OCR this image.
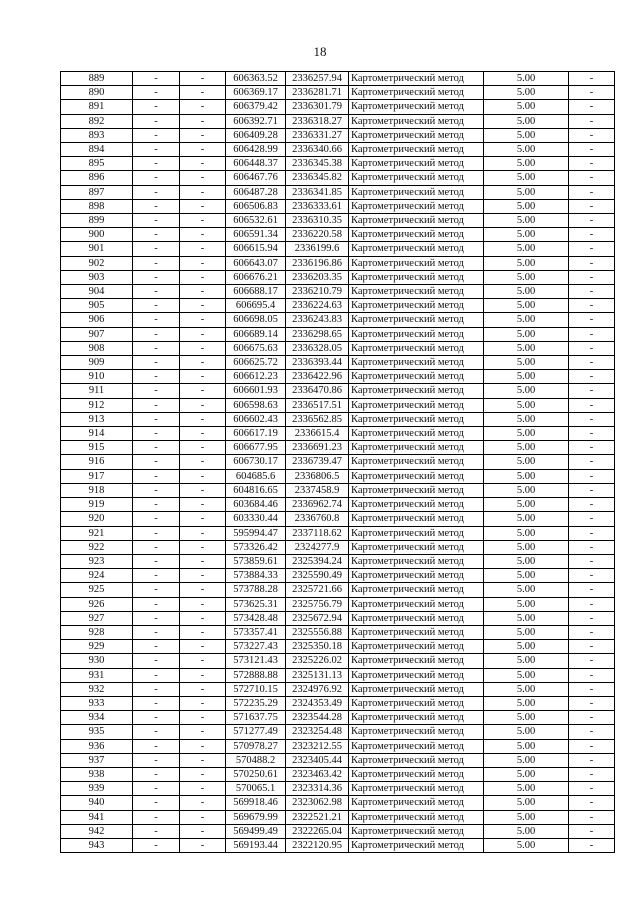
18
889	-	-	606363.52	2336257.94	Картометрический метод	5.00	-
890	-	-	606369.17	2336281.71	Картометрический метод	5.00	-
891	-	-	606379.42	2336301.79	Картометрический метод	5.00	-
892	-	-	606392.71	2336318.27	Картометрический метод	5.00	-
893	-	-	606409.28	2336331.27	Картометрический метод	5.00	-
894	-	-	606428.99	2336340.66	Картометрический метод	5.00	-
895	-	-	606448.37	2336345.38	Картометрический метод	5.00	-
896	-	-	606467.76	2336345.82	Картометрический метод	5.00	-
897	-	-	606487.28	2336341.85	Картометрический метод	5.00	-
898	-	-	606506.83	2336333.61	Картометрический метод	5.00	-
899	-	-	606532.61	2336310.35	Картометрический метод	5.00	-
900	-	-	606591.34	2336220.58	Картометрический метод	5.00	-
901	-	-	606615.94	2336199.6	Картометрический метод	5.00	-
902	-	-	606643.07	2336196.86	Картометрический метод	5.00	-
903	-	-	606676.21	2336203.35	Картометрический метод	5.00	-
904	-	-	606688.17	2336210.79	Картометрический метод	5.00	-
905	-	-	606695.4	2336224.63	Картометрический метод	5.00	-
906	-	-	606698.05	2336243.83	Картометрический метод	5.00	-
907	-	-	606689.14	2336298.65	Картометрический метод	5.00	-
908	-	-	606675.63	2336328.05	Картометрический метод	5.00	-
909	-	-	606625.72	2336393.44	Картометрический метод	5.00	-
910	-	-	606612.23	2336422.96	Картометрический метод	5.00	-
911	-	-	606601.93	2336470.86	Картометрический метод	5.00	-
912	-	-	606598.63	2336517.51	Картометрический метод	5.00	-
913	-	-	606602.43	2336562.85	Картометрический метод	5.00	-
914	-	-	606617.19	2336615.4	Картометрический метод	5.00	-
915	-	-	606677.95	2336691.23	Картометрический метод	5.00	-
916	-	-	606730.17	2336739.47	Картометрический метод	5.00	-
917	-	-	604685.6	2336806.5	Картометрический метод	5.00	-
918	-	-	604816.65	2337458.9	Картометрический метод	5.00	-
919	-	-	603684.46	2336962.74	Картометрический метод	5.00	-
920	-	-	603330.44	2336760.8	Картометрический метод	5.00	-
921	-	-	595994.47	2337118.62	Картометрический метод	5.00	-
922	-	-	573326.42	2324277.9	Картометрический метод	5.00	-
923	-	-	573859.61	2325394.24	Картометрический метод	5.00	-
924	-	-	573884.33	2325590.49	Картометрический метод	5.00	-
925	-	-	573788.28	2325721.66	Картометрический метод	5.00	-
926	-	-	573625.31	2325756.79	Картометрический метод	5.00	-
927	-	-	573428.48	2325672.94	Картометрический метод	5.00	-
928	-	-	573357.41	2325556.88	Картометрический метод	5.00	-
929	-	-	573227.43	2325350.18	Картометрический метод	5.00	-
930	-	-	573121.43	2325226.02	Картометрический метод	5.00	-
931	-	-	572888.88	2325131.13	Картометрический метод	5.00	-
932	-	-	572710.15	2324976.92	Картометрический метод	5.00	-
933	-	-	572235.29	2324353.49	Картометрический метод	5.00	-
934	-	-	571637.75	2323544.28	Картометрический метод	5.00	-
935	-	-	571277.49	2323254.48	Картометрический метод	5.00	-
936	-	-	570978.27	2323212.55	Картометрический метод	5.00	-
937	-	-	570488.2	2323405.44	Картометрический метод	5.00	-
938	-	-	570250.61	2323463.42	Картометрический метод	5.00	-
939	-	-	570065.1	2323314.36	Картометрический метод	5.00	-
940	-	-	569918.46	2323062.98	Картометрический метод	5.00	-
941	-	-	569679.99	2322521.21	Картометрический метод	5.00	-
942	-	-	569499.49	2322265.04	Картометрический метод	5.00	-
943	-	-	569193.44	2322120.95	Картометрический метод	5.00	-
